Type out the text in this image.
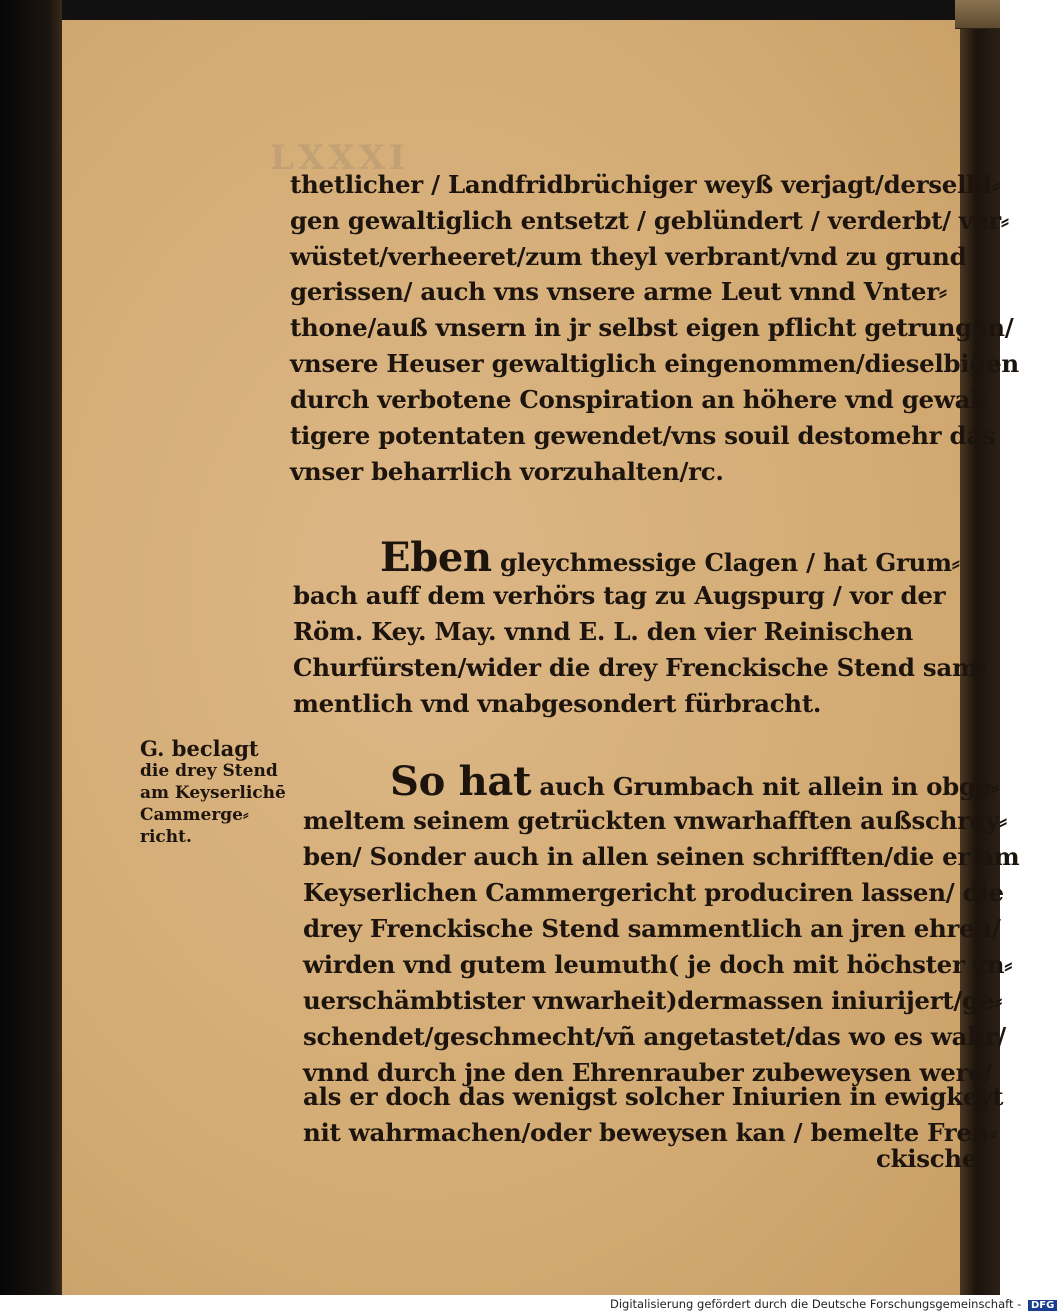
LXXXI
thetlicher / Landfridbrüchiger weyß verjagt/derselbi⸗
gen gewaltiglich entsetzt / geblündert / verderbt/ ver⸗
wüstet/verheeret/zum theyl verbrant/vnd zu grund
gerissen/ auch vns vnsere arme Leut vnnd Vnter⸗
thone/auß vnsern in jr selbst eigen pflicht getrungen/
vnsere Heuser gewaltiglich eingenommen/dieselbigen
durch verbotene Conspiration an höhere vnd gewal⸗
tigere potentaten gewendet/vns souil destomehr das
vnser beharrlich vorzuhalten/rc.
Eben gleychmessige Clagen / hat Grum⸗
bach auff dem verhörs tag zu Augspurg / vor der
Röm. Key. May. vnnd E. L. den vier Reinischen
Churfürsten/wider die drey Frenckische Stend sam⸗
mentlich vnd vnabgesondert fürbracht.
G. beclagt
die drey Stend
am Keyserlichē
Cammerge⸗
richt.
So hat auch Grumbach nit allein in obge⸗
meltem seinem getrückten vnwarhafften außschrey⸗
ben/ Sonder auch in allen seinen schrifften/die er am
Keyserlichen Cammergericht produciren lassen/ die
drey Frenckische Stend sammentlich an jren ehren/
wirden vnd gutem leumuth( je doch mit höchster vn⸗
uerschämbtister vnwarheit)dermassen iniurijert/ge⸗
schendet/geschmecht/vñ angetastet/das wo es wahr/
vnnd durch jne den Ehrenrauber zubeweysen were/
als er doch das wenigst solcher Iniurien in ewigkeyt
nit wahrmachen/oder beweysen kan / bemelte Fren⸗
ckische
Digitalisierung gefördert durch die Deutsche Forschungsgemeinschaft - DFG
